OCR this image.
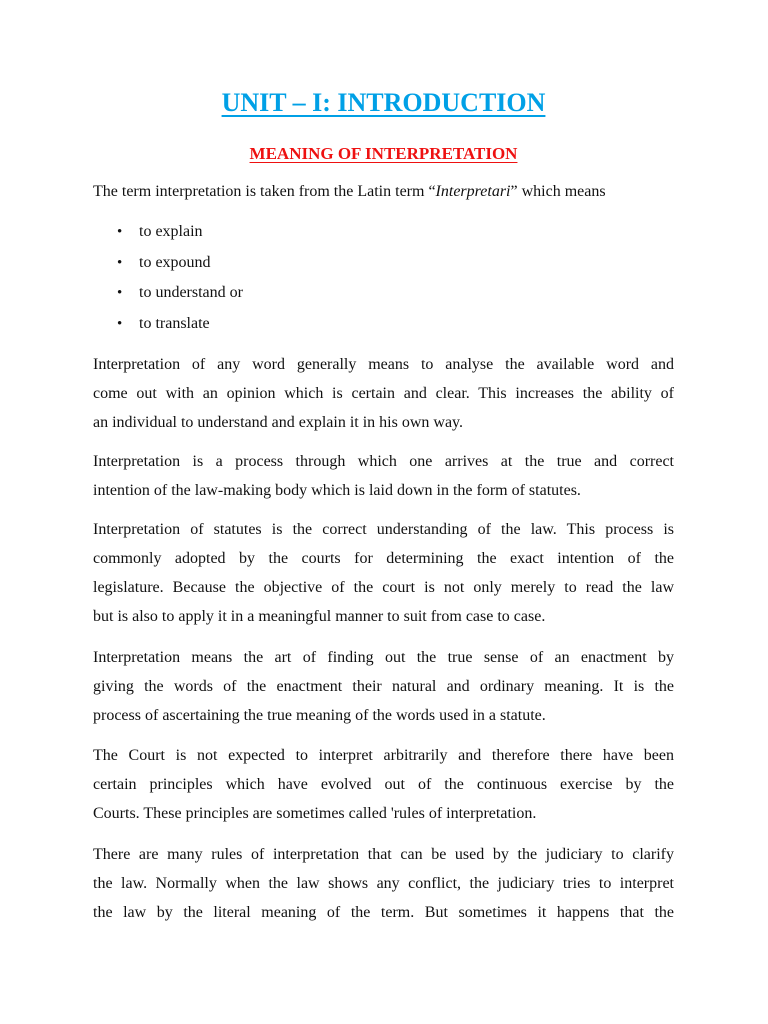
UNIT – I: INTRODUCTION
MEANING OF INTERPRETATION

The term interpretation is taken from the Latin term “Interpretari” which means

• to explain
• to expound
• to understand or
• to translate
Interpretation of any word generally means to analyse the available word and
come out with an opinion which is certain and clear. This increases the ability of
an individual to understand and explain it in his own way.
Interpretation is a process through which one arrives at the true and correct
intention of the law-making body which is laid down in the form of statutes.
Interpretation of statutes is the correct understanding of the law. This process is
commonly adopted by the courts for determining the exact intention of the
legislature. Because the objective of the court is not only merely to read the law
but is also to apply it in a meaningful manner to suit from case to case.
Interpretation means the art of finding out the true sense of an enactment by
giving the words of the enactment their natural and ordinary meaning. It is the
process of ascertaining the true meaning of the words used in a statute.
The Court is not expected to interpret arbitrarily and therefore there have been
certain principles which have evolved out of the continuous exercise by the
Courts. These principles are sometimes called 'rules of interpretation.
There are many rules of interpretation that can be used by the judiciary to clarify
the law. Normally when the law shows any conflict, the judiciary tries to interpret
the law by the literal meaning of the term. But sometimes it happens that the
